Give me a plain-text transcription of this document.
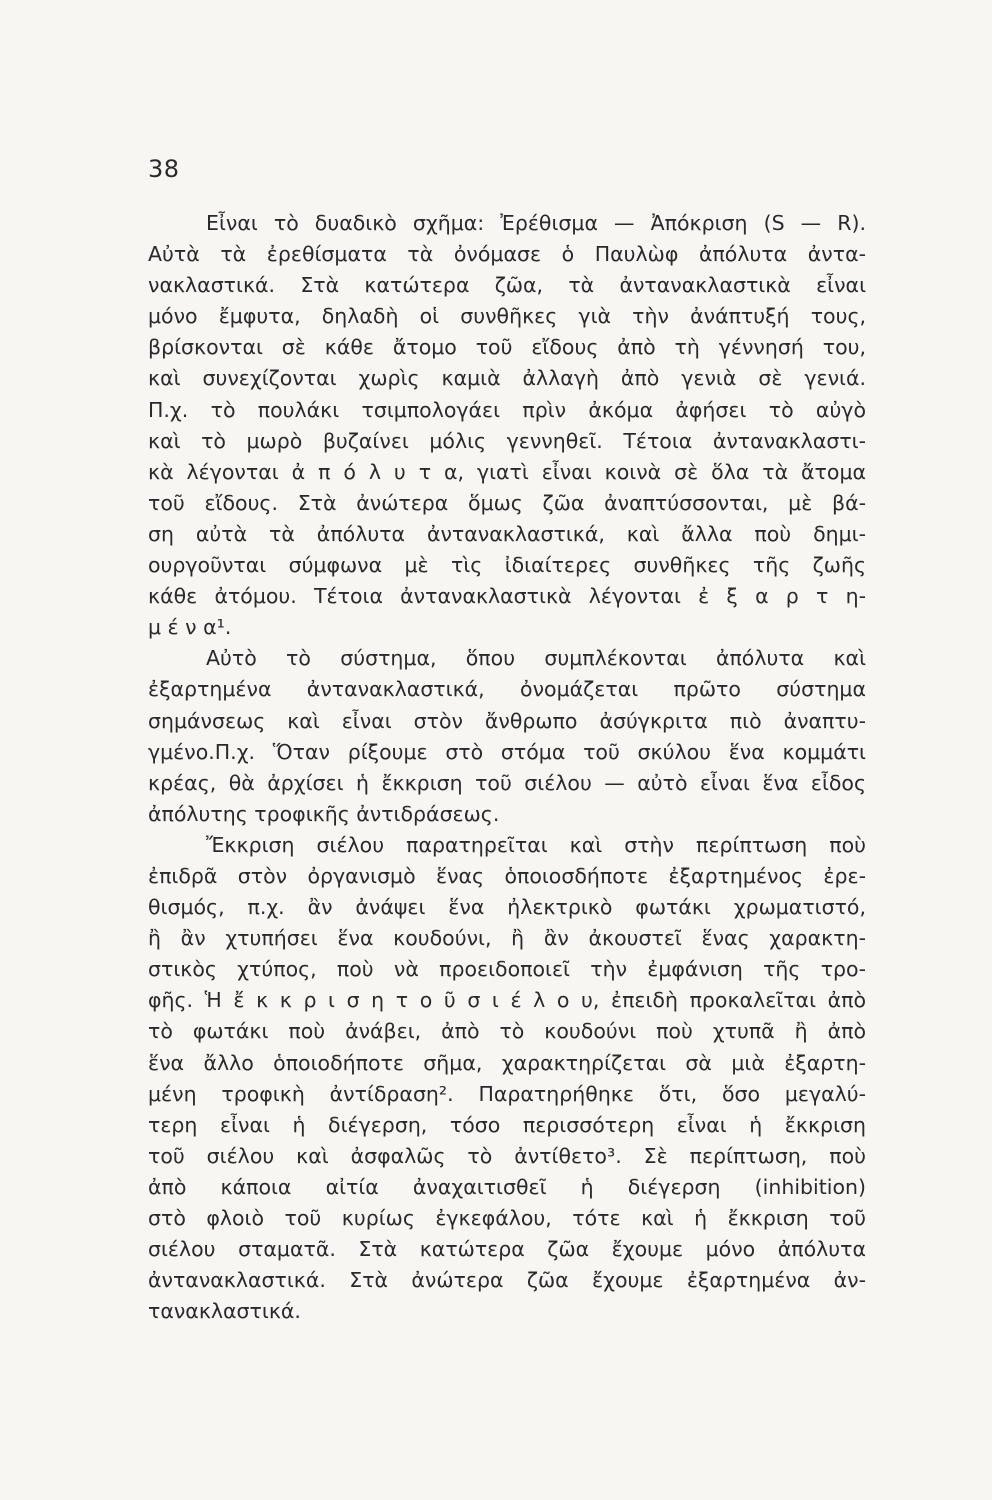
38
Εἶναι τὸ δυαδικὸ σχῆμα: Ἐρέθισμα — Ἀπόκριση (S — R).
Αὐτὰ τὰ ἐρεθίσματα τὰ ὀνόμασε ὁ Παυλὼφ ἀπόλυτα ἀντα-
νακλαστικά. Στὰ κατώτερα ζῶα, τὰ ἀντανακλαστικὰ εἶναι
μόνο ἔμφυτα, δηλαδὴ οἱ συνθῆκες γιὰ τὴν ἀνάπτυξή τους,
βρίσκονται σὲ κάθε ἄτομο τοῦ εἴδους ἀπὸ τὴ γέννησή του,
καὶ συνεχίζονται χωρὶς καμιὰ ἀλλαγὴ ἀπὸ γενιὰ σὲ γενιά.
Π.χ. τὸ πουλάκι τσιμπολογάει πρὶν ἀκόμα ἀφήσει τὸ αὐγὸ
καὶ τὸ μωρὸ βυζαίνει μόλις γεννηθεῖ. Τέτοια ἀντανακλαστι-
κὰ λέγονται ἀ π ό λ υ τ α, γιατὶ εἶναι κοινὰ σὲ ὅλα τὰ ἄτομα
τοῦ εἴδους. Στὰ ἀνώτερα ὅμως ζῶα ἀναπτύσσονται, μὲ βά-
ση αὐτὰ τὰ ἀπόλυτα ἀντανακλαστικά, καὶ ἄλλα ποὺ δημι-
ουργοῦνται σύμφωνα μὲ τὶς ἰδιαίτερες συνθῆκες τῆς ζωῆς
κάθε ἀτόμου. Τέτοια ἀντανακλαστικὰ λέγονται ἐ ξ α ρ τ η-
μ έ ν α¹.
Αὐτὸ τὸ σύστημα, ὅπου συμπλέκονται ἀπόλυτα καὶ
ἐξαρτημένα ἀντανακλαστικά, ὀνομάζεται πρῶτο σύστημα
σημάνσεως καὶ εἶναι στὸν ἄνθρωπο ἀσύγκριτα πιὸ ἀναπτυ-
γμένο.Π.χ. Ὅταν ρίξουμε στὸ στόμα τοῦ σκύλου ἕνα κομμάτι
κρέας, θὰ ἀρχίσει ἡ ἔκκριση τοῦ σιέλου — αὐτὸ εἶναι ἕνα εἶδος
ἀπόλυτης τροφικῆς ἀντιδράσεως.
Ἔκκριση σιέλου παρατηρεῖται καὶ στὴν περίπτωση ποὺ
ἐπιδρᾶ στὸν ὀργανισμὸ ἕνας ὁποιοσδήποτε ἐξαρτημένος ἐρε-
θισμός, π.χ. ἂν ἀνάψει ἕνα ἠλεκτρικὸ φωτάκι χρωματιστό,
ἢ ἂν χτυπήσει ἕνα κουδούνι, ἢ ἂν ἀκουστεῖ ἕνας χαρακτη-
στικὸς χτύπος, ποὺ νὰ προειδοποιεῖ τὴν ἐμφάνιση τῆς τρο-
φῆς. Ἡ ἔ κ κ ρ ι σ η τ ο ῦ σ ι έ λ ο υ, ἐπειδὴ προκαλεῖται ἀπὸ
τὸ φωτάκι ποὺ ἀνάβει, ἀπὸ τὸ κουδούνι ποὺ χτυπᾶ ἢ ἀπὸ
ἕνα ἄλλο ὁποιοδήποτε σῆμα, χαρακτηρίζεται σὰ μιὰ ἐξαρτη-
μένη τροφικὴ ἀντίδραση². Παρατηρήθηκε ὅτι, ὅσο μεγαλύ-
τερη εἶναι ἡ διέγερση, τόσο περισσότερη εἶναι ἡ ἔκκριση
τοῦ σιέλου καὶ ἀσφαλῶς τὸ ἀντίθετο³. Σὲ περίπτωση, ποὺ
ἀπὸ κάποια αἰτία ἀναχαιτισθεῖ ἡ διέγερση (inhibition)
στὸ φλοιὸ τοῦ κυρίως ἐγκεφάλου, τότε καὶ ἡ ἔκκριση τοῦ
σιέλου σταματᾶ. Στὰ κατώτερα ζῶα ἔχουμε μόνο ἀπόλυτα
ἀντανακλαστικά. Στὰ ἀνώτερα ζῶα ἔχουμε ἐξαρτημένα ἀν-
τανακλαστικά.
